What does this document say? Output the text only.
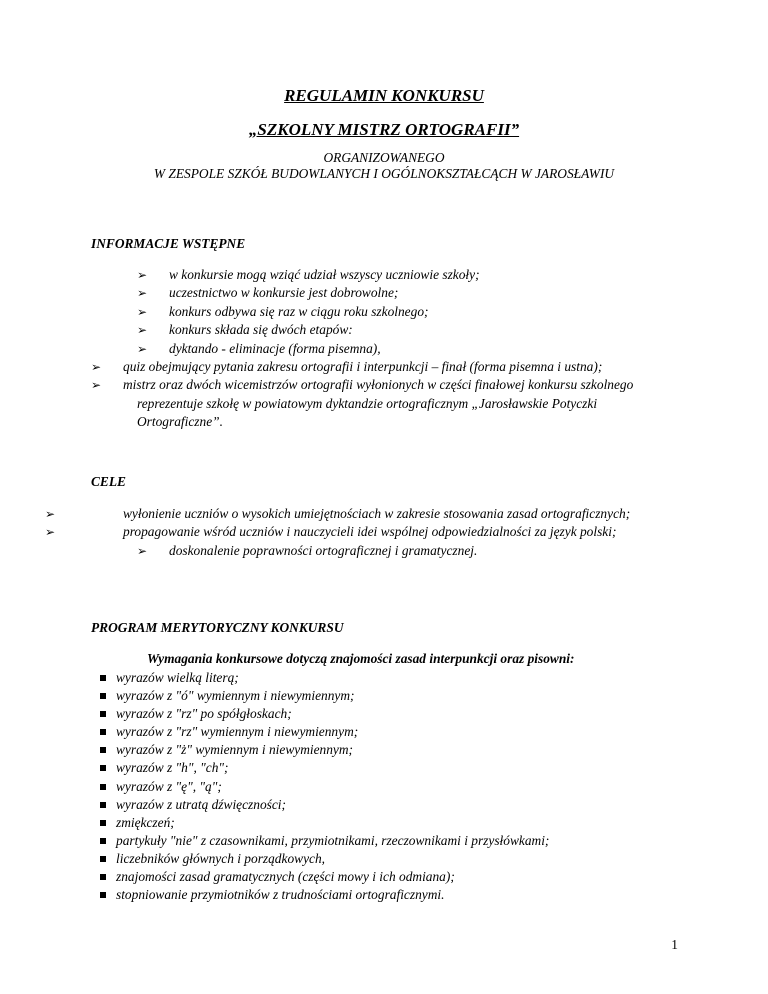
REGULAMIN KONKURSU
„SZKOLNY MISTRZ ORTOGRAFII”
ORGANIZOWANEGO
W ZESPOLE SZKÓŁ BUDOWLANYCH I OGÓLNOKSZTAŁCĄCH W JAROSŁAWIU
INFORMACJE WSTĘPNE
➢ w konkursie mogą wziąć udział wszyscy uczniowie szkoły;
➢ uczestnictwo w konkursie jest dobrowolne;
➢ konkurs odbywa się raz w ciągu roku szkolnego;
➢ konkurs składa się dwóch etapów:
➢ dyktando - eliminacje (forma pisemna),
➢ quiz obejmujący pytania zakresu ortografii i interpunkcji – finał (forma pisemna i ustna);
➢ mistrz oraz dwóch wicemistrzów ortografii wyłonionych w części finałowej konkursu szkolnego reprezentuje szkołę w powiatowym dyktandzie ortograficznym „Jarosławskie Potyczki Ortograficzne”.
CELE
➢	wyłonienie uczniów o wysokich umiejętnościach w zakresie stosowania zasad ortograficznych;
➢	propagowanie wśród uczniów i nauczycieli idei wspólnej odpowiedzialności za język polski;
➢ doskonalenie poprawności ortograficznej i gramatycznej.
PROGRAM MERYTORYCZNY KONKURSU
Wymagania konkursowe dotyczą znajomości zasad interpunkcji oraz pisowni:
wyrazów wielką literą;
wyrazów z "ó" wymiennym i niewymiennym;
wyrazów z "rz" po spółgłoskach;
wyrazów z "rz" wymiennym i niewymiennym;
wyrazów z "ż" wymiennym i niewymiennym;
wyrazów z "h", "ch";
wyrazów z "ę", "ą";
wyrazów z utratą dźwięczności;
zmiękczeń;
partykuły "nie" z czasownikami, przymiotnikami, rzeczownikami i przysłówkami;
liczebników głównych i porządkowych,
znajomości zasad gramatycznych (części mowy i ich odmiana);
stopniowanie przymiotników z trudnościami ortograficznymi.
1
